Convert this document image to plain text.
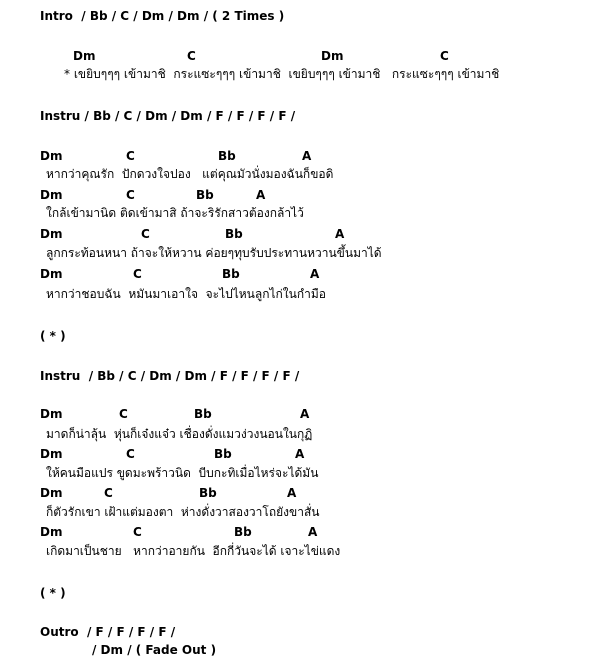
Intro  / Bb / C / Dm / Dm / ( 2 Times )
Dm	C	Dm	C
* เขยิบๆๆๆ เข้ามาชิ  กระแซะๆๆๆ เข้ามาชิ  เขยิบๆๆๆ เข้ามาชิ   กระแซะๆๆๆ เข้ามาชิ
Instru / Bb / C / Dm / Dm / F / F / F / F /
Dm	C	Bb	A
หากว่าคุณรัก  ปักดวงใจปอง   แต่คุณมัวนั่งมองฉันก็ขอดิ
Dm	C	Bb	A
ใกล้เข้ามานิด ติดเข้ามาสิ ถ้าจะริรักสาวต้องกล้าไว้
Dm	C	Bb	A
ลูกกระท้อนหนา ถ้าจะให้หวาน ค่อยๆทุบรับประทานหวานขึ้นมาได้
Dm	C	Bb	A
หากว่าชอบฉัน  หมันมาเอาใจ  จะไปไหนลูกไก่ในกำมือ
( * )
Instru  / Bb / C / Dm / Dm / F / F / F / F /
Dm	C	Bb	A
มาดก็น่าลุ้น  หุ่นก็เจ๋งแจ๋ว เชื่องดั่งแมวง่วงนอนในกุฏิ
Dm	C	Bb	A
ให้คนมือแปร ขูดมะพร้าวนิด  บีบกะทิเมื่อไหร่จะได้มัน
Dm	C	Bb	A
ก็ตัวรักเขา เฝ้าแต่มองตา  ห่างดั่งวาสองวาโถยังขาสั่น
Dm	C	Bb	A
เกิดมาเป็นชาย   หากว่าอายกัน  อีกกี่วันจะได้ เจาะไข่แดง
( * )
Outro  / F / F / F / F /
/ Dm / ( Fade Out )
